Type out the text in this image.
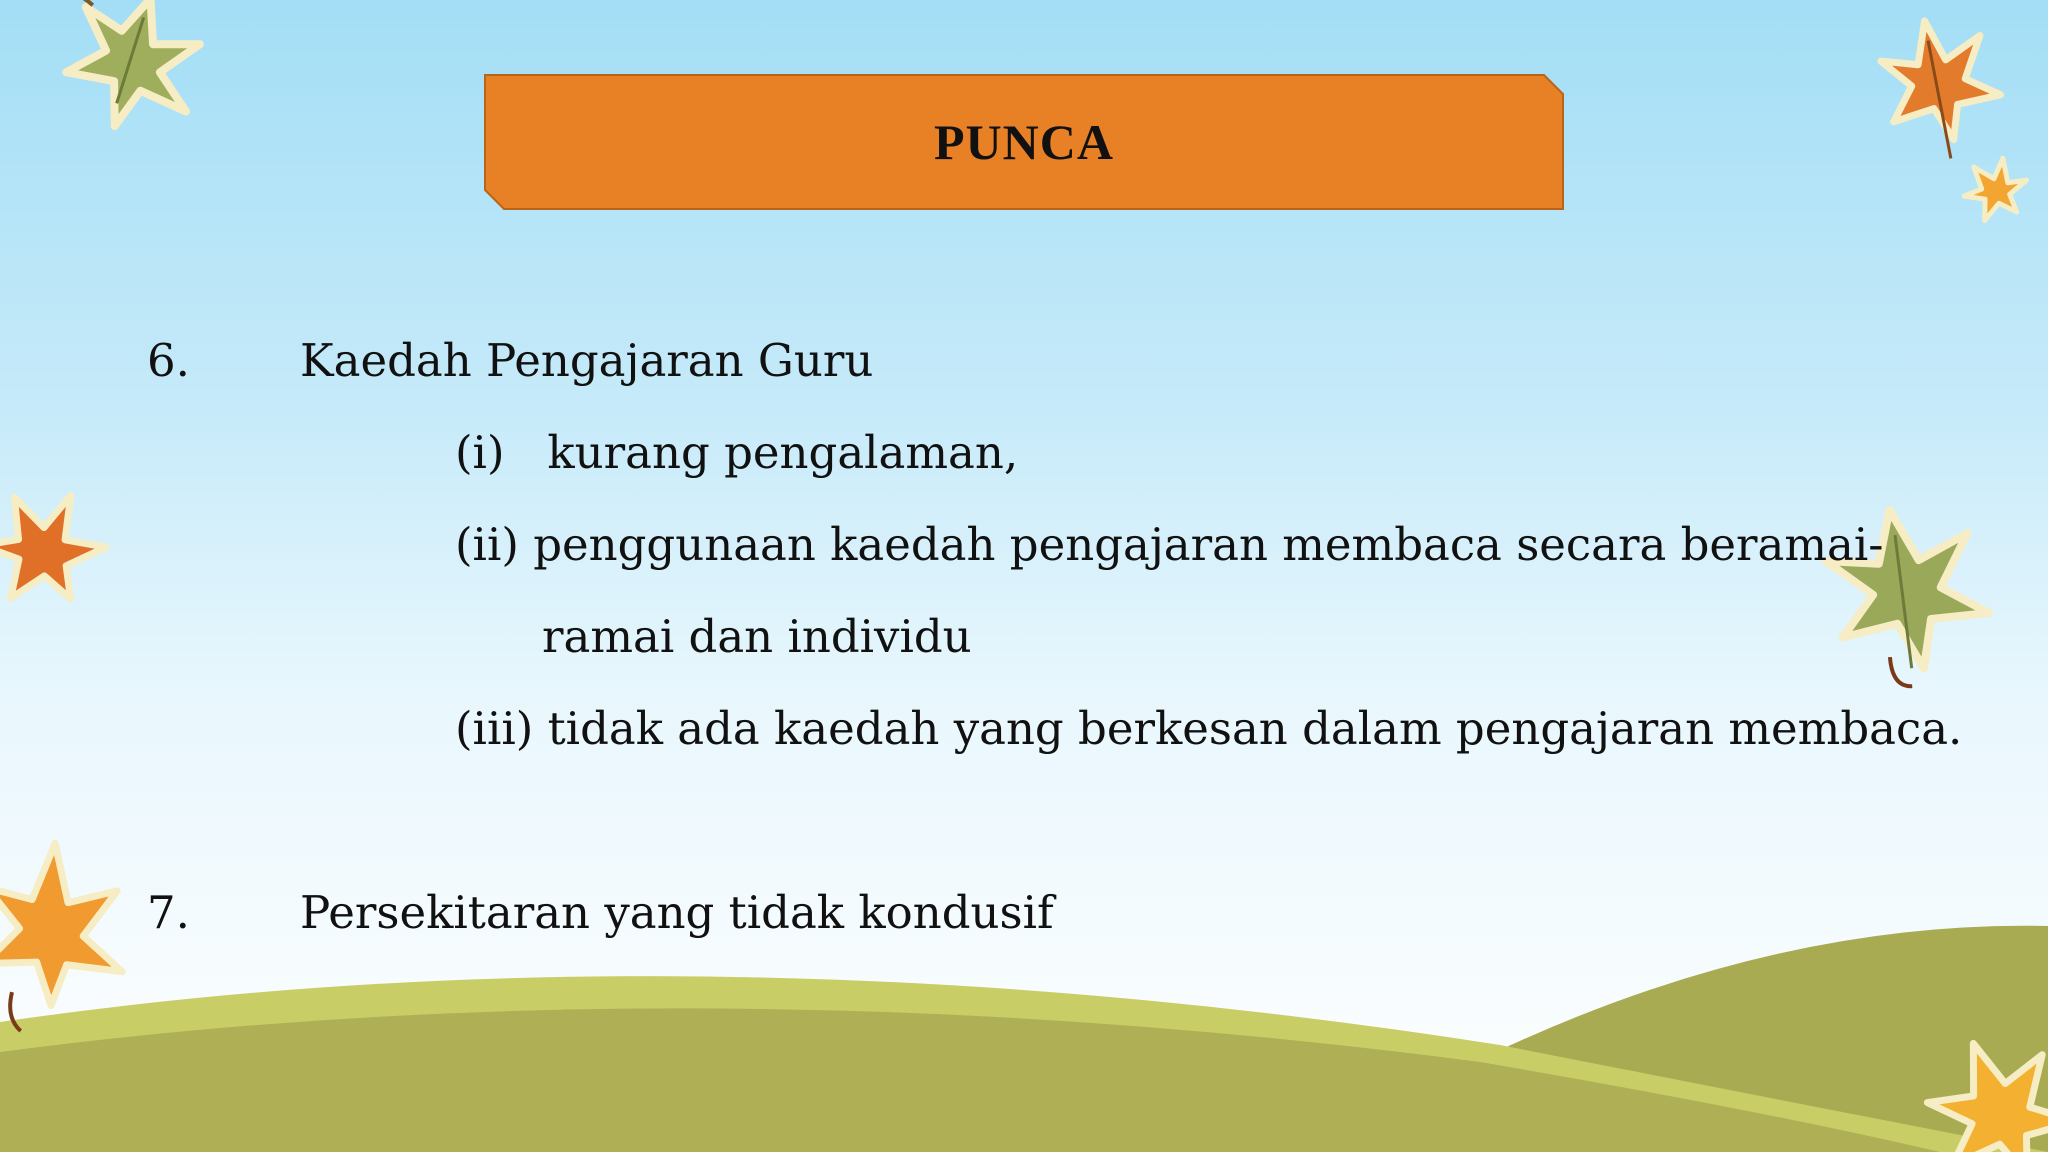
PUNCA
6. Kaedah Pengajaran Guru
(i)   kurang pengalaman,
(ii) penggunaan kaedah pengajaran membaca secara beramai-
ramai dan individu
(iii) tidak ada kaedah yang berkesan dalam pengajaran membaca.
7. Persekitaran yang tidak kondusif
